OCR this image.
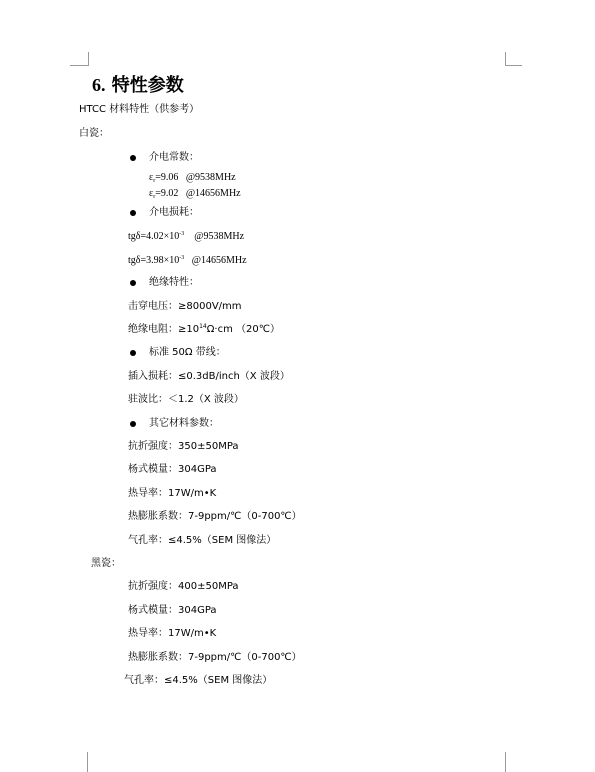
6. 特性参数
HTCC 材料特性（供参考）
白瓷：
介电常数：
$\varepsilon_r=9.06$ @9538MHz
$\varepsilon_r=9.02$ @14656MHz
介电损耗：
$tg\delta=4.02\times 10^{-3}$ @9538MHz
$tg\delta=3.98\times 10^{-3}$ @14656MHz
绝缘特性：
击穿电压：≥8000V/mm
绝缘电阻：$\ge 10^{14}\Omega\cdot cm$ （20℃）
标准 50Ω 带线：
插入损耗：≤0.3dB/inch（X 波段）
驻波比：＜1.2（X 波段）
其它材料参数：
抗折强度：350±50MPa
杨式模量：304GPa
热导率：17W/m•K
热膨胀系数：7-9ppm/℃（0-700℃）
气孔率：≤4.5%（SEM 图像法）
黑瓷：
抗折强度：400±50MPa
杨式模量：304GPa
热导率：17W/m•K
热膨胀系数：7-9ppm/℃（0-700℃）
气孔率：≤4.5%（SEM 图像法）
